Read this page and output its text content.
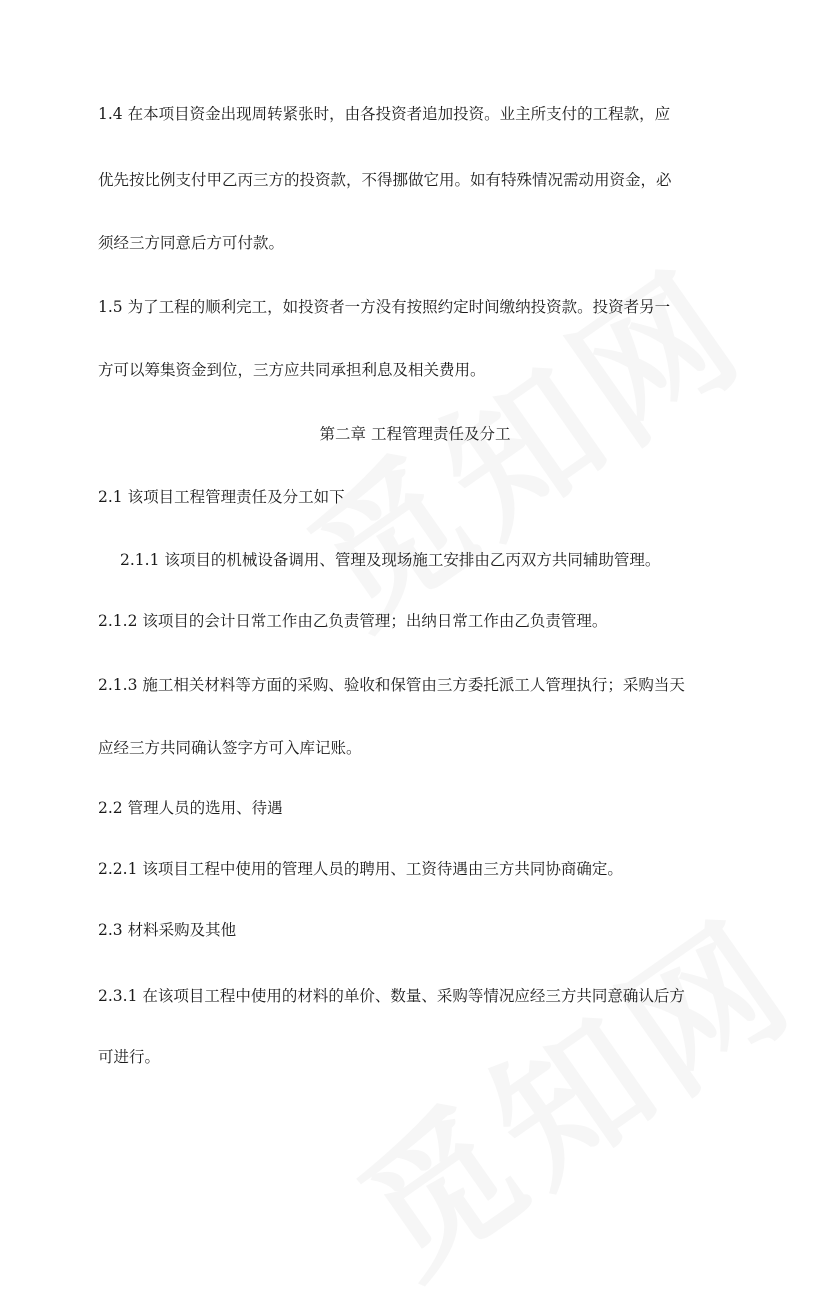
1.4 在本项目资金出现周转紧张时，由各投资者追加投资。业主所支付的工程款，应
优先按比例支付甲乙丙三方的投资款，不得挪做它用。如有特殊情况需动用资金，必
须经三方同意后方可付款。
1.5 为了工程的顺利完工，如投资者一方没有按照约定时间缴纳投资款。投资者另一
方可以筹集资金到位，三方应共同承担利息及相关费用。
第二章 工程管理责任及分工
2.1 该项目工程管理责任及分工如下
2.1.1 该项目的机械设备调用、管理及现场施工安排由乙丙双方共同辅助管理。
2.1.2 该项目的会计日常工作由乙负责管理；出纳日常工作由乙负责管理。
2.1.3 施工相关材料等方面的采购、验收和保管由三方委托派工人管理执行；采购当天
应经三方共同确认签字方可入库记账。
2.2 管理人员的选用、待遇
2.2.1 该项目工程中使用的管理人员的聘用、工资待遇由三方共同协商确定。
2.3 材料采购及其他
2.3.1 在该项目工程中使用的材料的单价、数量、采购等情况应经三方共同意确认后方
可进行。
